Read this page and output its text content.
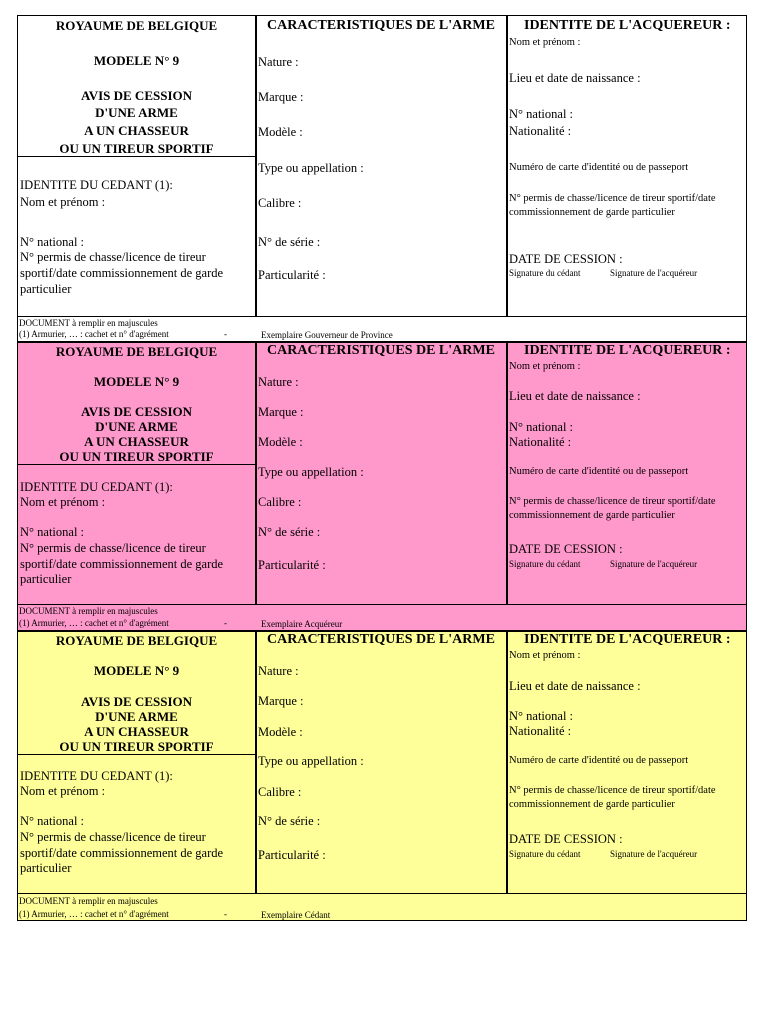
ROYAUME DE BELGIQUE
MODELE N° 9
AVIS DE CESSION
D'UNE ARME
A UN CHASSEUR
OU UN TIREUR SPORTIF
IDENTITE DU CEDANT (1):
Nom et prénom :
N° national :
N° permis de chasse/licence de tireur
sportif/date commissionnement de garde
particulier
CARACTERISTIQUES DE L'ARME
Nature :
Marque :
Modèle :
Type ou appellation :
Calibre :
N° de série :
Particularité :
IDENTITE DE L'ACQUEREUR :
Nom et prénom :
Lieu et date de naissance :
N° national :
Nationalité :
Numéro de carte d'identité ou de passeport
N° permis de chasse/licence de tireur sportif/date
commissionnement de garde particulier
DATE DE CESSION :
Signature du cédant	Signature de l'acquéreur
DOCUMENT à remplir en majuscules
(1) Armurier, … : cachet et n° d'agrément	-	Exemplaire Gouverneur de Province
ROYAUME DE BELGIQUE
MODELE N° 9
AVIS DE CESSION
D'UNE ARME
A UN CHASSEUR
OU UN TIREUR SPORTIF
IDENTITE DU CEDANT (1):
Nom et prénom :
N° national :
N° permis de chasse/licence de tireur
sportif/date commissionnement de garde
particulier
CARACTERISTIQUES DE L'ARME
Nature :
Marque :
Modèle :
Type ou appellation :
Calibre :
N° de série :
Particularité :
IDENTITE DE L'ACQUEREUR :
Nom et prénom :
Lieu et date de naissance :
N° national :
Nationalité :
Numéro de carte d'identité ou de passeport
N° permis de chasse/licence de tireur sportif/date
commissionnement de garde particulier
DATE DE CESSION :
Signature du cédant	Signature de l'acquéreur
DOCUMENT à remplir en majuscules
(1) Armurier, … : cachet et n° d'agrément	-	Exemplaire Acquéreur
ROYAUME DE BELGIQUE
MODELE N° 9
AVIS DE CESSION
D'UNE ARME
A UN CHASSEUR
OU UN TIREUR SPORTIF
IDENTITE DU CEDANT (1):
Nom et prénom :
N° national :
N° permis de chasse/licence de tireur
sportif/date commissionnement de garde
particulier
CARACTERISTIQUES DE L'ARME
Nature :
Marque :
Modèle :
Type ou appellation :
Calibre :
N° de série :
Particularité :
IDENTITE DE L'ACQUEREUR :
Nom et prénom :
Lieu et date de naissance :
N° national :
Nationalité :
Numéro de carte d'identité ou de passeport
N° permis de chasse/licence de tireur sportif/date
commissionnement de garde particulier
DATE DE CESSION :
Signature du cédant	Signature de l'acquéreur
DOCUMENT à remplir en majuscules
(1) Armurier, … : cachet et n° d'agrément	-	Exemplaire Cédant
